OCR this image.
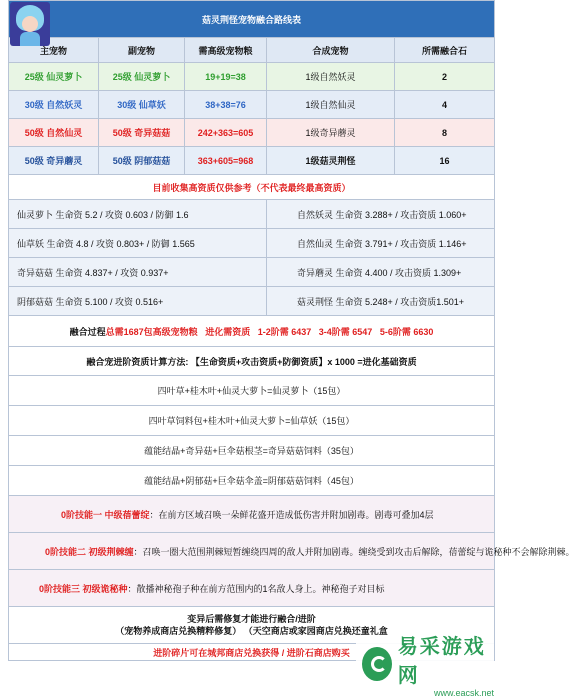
菇灵荆怪宠物融合路线表				
主宠物	副宠物	需高级宠物粮	合成宠物	所需融合石
25级 仙灵萝卜	25级 仙灵萝卜	19+19=38	1级自然妖灵	2
30级 自然妖灵	30级 仙草妖	38+38=76	1级自然仙灵	4
50级 自然仙灵	50级 奇异菇菇	242+363=605	1级奇异蘑灵	8
50级 奇异蘑灵	50级 阴郁菇菇	363+605=968	1级菇灵荆怪	16
目前收集高资质仅供参考（不代表最终最高资质）				
仙灵萝卜 生命资 5.2 / 攻资 0.603 / 防御 1.6			自然妖灵 生命资 3.288+ / 攻击资质 1.060+	
仙草妖 生命资 4.8 / 攻资 0.803+ / 防御 1.565			自然仙灵 生命资 3.791+ / 攻击资质 1.146+	
奇异菇菇 生命资 4.837+ / 攻资 0.937+			奇异蘑灵 生命资 4.400 / 攻击资质 1.309+	
阴郁菇菇 生命资 5.100 / 攻资 0.516+			菇灵荆怪 生命资 5.248+ / 攻击资质1.501+	
融合过程总需1687包高级宠物粮 进化需资质 1-2阶需 6437 3-4阶需 6547 5-6阶需 6630				
融合宠进阶资质计算方法: 【生命资质+攻击资质+防御资质】x 1000 =进化基础资质				
四叶草+桂木叶+仙灵大萝卜=仙灵萝卜（15包）				
四叶草饲料包+桂木叶+仙灵大萝卜=仙草妖（15包）				
蕴能结晶+奇异菇+巨伞菇根茎=奇异菇菇饲料（35包）				
蕴能结晶+阴郁菇+巨伞菇伞盖=阴郁菇菇饲料（45包）				
0阶技能一 中级蓓蕾绽：在前方区域召唤一朵鲜花盛开造成低伤害并附加剧毒。剧毒可叠加4层				
0阶技能二 初级荆棘缠：召唤一圈大范围荆棘短暂缠绕四周的敌人并附加剧毒。缠绕受到攻击后解除，蓓蕾绽与诡秘种不会解除荆棘。				
0阶技能三 初级诡秘种：散播神秘孢子种在前方范围内的1名敌人身上。神秘孢子对目标				

变异后需修复才能进行融合/进阶
（宠物养成商店兑换精粹修复） （天空商店或家园商店兑换还童礼盒				

进阶碎片可在城邦商店兑换获得 / 进阶石商店购买				易采游戏网
www.eacsk.net
